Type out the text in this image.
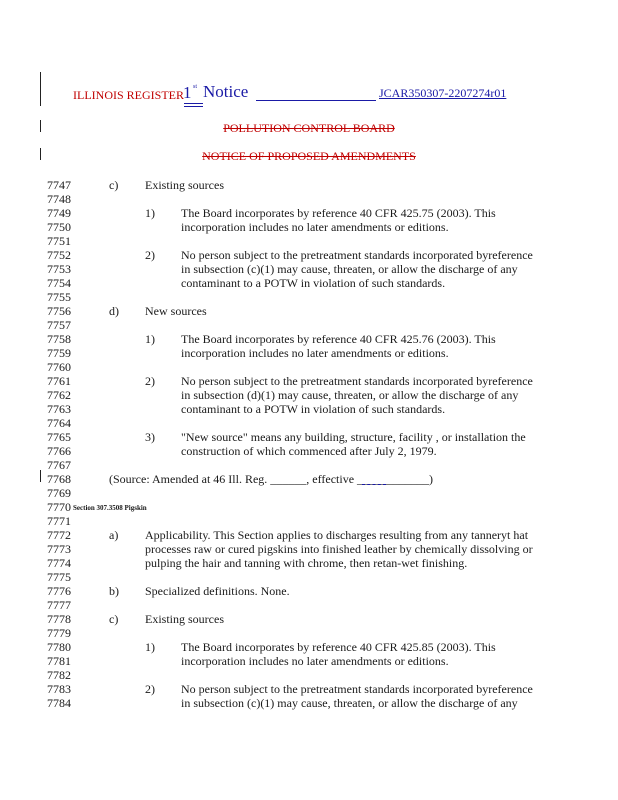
ILLINOIS REGISTER 1 st Notice	JCAR350307-2207274r01
POLLUTION CONTROL BOARD
NOTICE OF PROPOSED AMENDMENTS
7747
7748
7749
7750
7751
7752
7753
7754
7755
7756
7757
7758
7759
7760
7761
7762
7763
7764
7765
7766
7767
7768
7769
7770
7771
7772
7773
7774
7775
7776
7777
7778
7779
7780
7781
7782
7783
7784
c) Existing sources
1) The Board incorporates by reference 40 CFR 425.75 (2003). This
incorporation includes no later amendments or editions.
2) No person subject to the pretreatment standards incorporated byreference
in subsection (c)(1) may cause, threaten, or allow the discharge of any
contaminant to a POTW in violation of such standards.
d) New sources
1) The Board incorporates by reference 40 CFR 425.76 (2003). This
incorporation includes no later amendments or editions.
2) No person subject to the pretreatment standards incorporated byreference
in subsection (d)(1) may cause, threaten, or allow the discharge of any
contaminant to a POTW in violation of such standards.
3) "New source" means any building, structure, facility , or installation the
construction of which commenced after July 2, 1979.
(Source: Amended at 46 Ill. Reg. ______, effective ____________)
Section 307.3508 Pigskin
a) Applicability. This Section applies to discharges resulting from any tanneryt hat
processes raw or cured pigskins into finished leather by chemically dissolving or
pulping the hair and tanning with chrome, then retan-wet finishing.
b) Specialized definitions. None.
c) Existing sources
1) The Board incorporates by reference 40 CFR 425.85 (2003). This
incorporation includes no later amendments or editions.
2) No person subject to the pretreatment standards incorporated byreference
in subsection (c)(1) may cause, threaten, or allow the discharge of any
